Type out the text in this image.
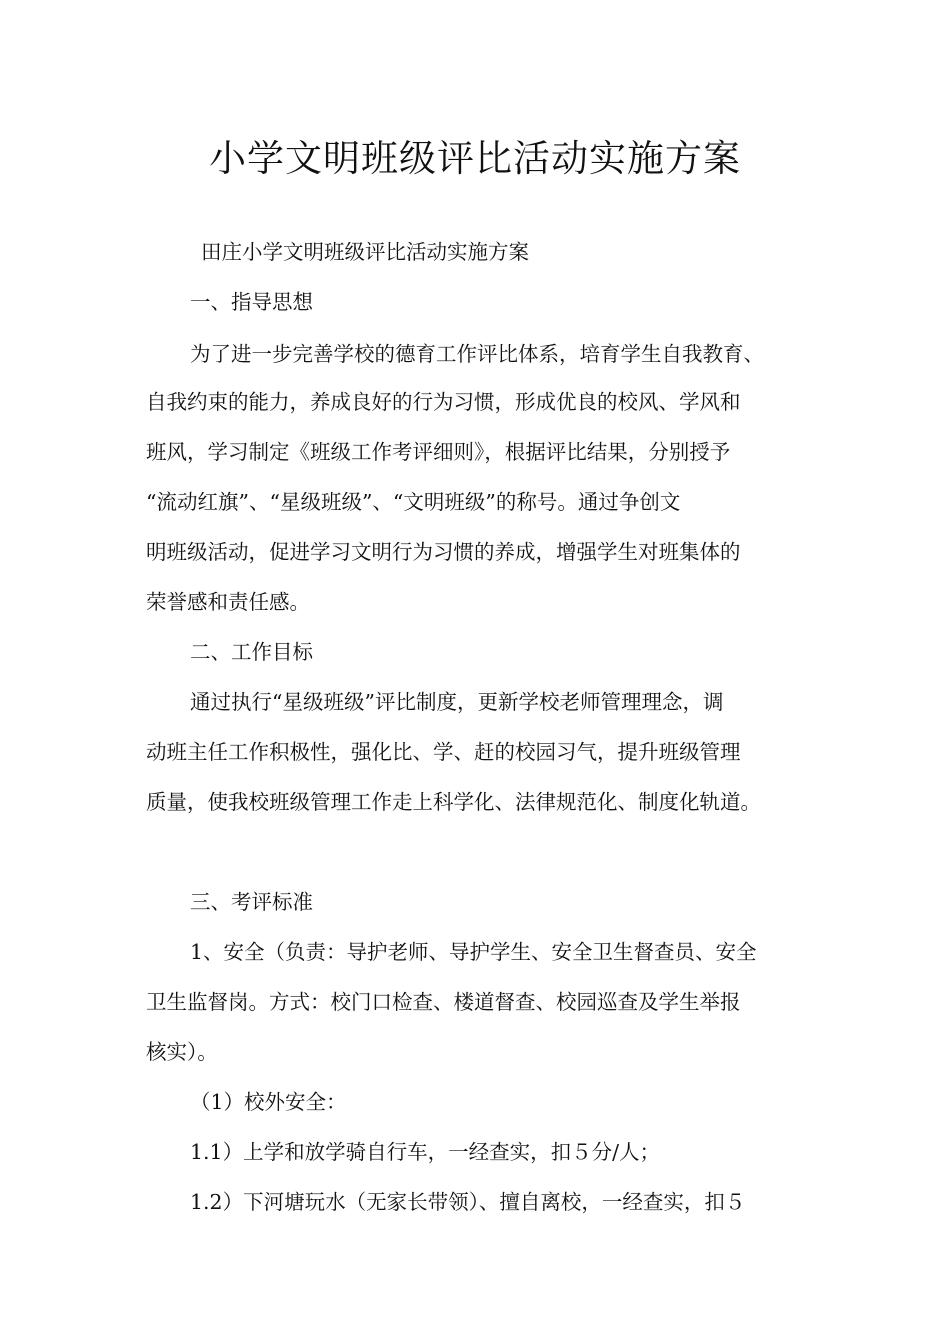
小学文明班级评比活动实施方案

田庄小学文明班级评比活动实施方案

一、指导思想

为了进一步完善学校的德育工作评比体系，培育学生自我教育、

自我约束的能力，养成良好的行为习惯，形成优良的校风、学风和

班风，学习制定《班级工作考评细则》，根据评比结果，分别授予

“流动红旗”、“星级班级”、“文明班级”的称号。通过争创文

明班级活动，促进学习文明行为习惯的养成，增强学生对班集体的

荣誉感和责任感。

二、工作目标

通过执行“星级班级”评比制度，更新学校老师管理理念，调

动班主任工作积极性，强化比、学、赶的校园习气，提升班级管理

质量，使我校班级管理工作走上科学化、法律规范化、制度化轨道。

三、考评标准

1、安全（负责：导护老师、导护学生、安全卫生督查员、安全

卫生监督岗。方式：校门口检查、楼道督查、校园巡查及学生举报

核实）。

（1）校外安全：

1.1）上学和放学骑自行车，一经查实，扣５分/人；

1.2）下河塘玩水（无家长带领）、擅自离校，一经查实，扣５
